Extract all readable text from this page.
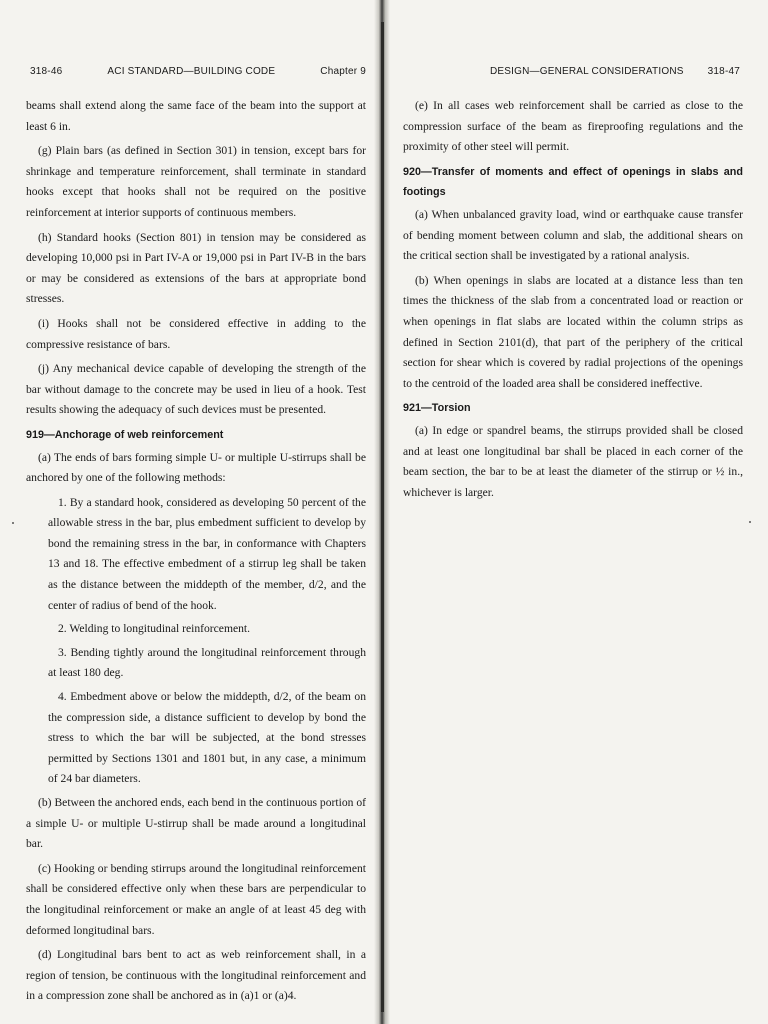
318-46	ACI STANDARD—BUILDING CODE	Chapter 9	DESIGN—GENERAL CONSIDERATIONS 318-47

beams shall extend along the same face of the beam into the support at least 6 in.

(g) Plain bars (as defined in Section 301) in tension, except bars for shrinkage and temperature reinforcement, shall terminate in standard hooks except that hooks shall not be required on the positive reinforcement at interior supports of continuous members.

(h) Standard hooks (Section 801) in tension may be considered as developing 10,000 psi in Part IV-A or 19,000 psi in Part IV-B in the bars or may be considered as extensions of the bars at appropriate bond stresses.

(i) Hooks shall not be considered effective in adding to the compressive resistance of bars.

(j) Any mechanical device capable of developing the strength of the bar without damage to the concrete may be used in lieu of a hook. Test results showing the adequacy of such devices must be presented.

919—Anchorage of web reinforcement

(a) The ends of bars forming simple U- or multiple U-stirrups shall be anchored by one of the following methods:

1. By a standard hook, considered as developing 50 percent of the allowable stress in the bar, plus embedment sufficient to develop by bond the remaining stress in the bar, in conformance with Chapters 13 and 18. The effective embedment of a stirrup leg shall be taken as the distance between the middepth of the member, d/2, and the center of radius of bend of the hook.

2. Welding to longitudinal reinforcement.

3. Bending tightly around the longitudinal reinforcement through at least 180 deg.

4. Embedment above or below the middepth, d/2, of the beam on the compression side, a distance sufficient to develop by bond the stress to which the bar will be subjected, at the bond stresses permitted by Sections 1301 and 1801 but, in any case, a minimum of 24 bar diameters.

(b) Between the anchored ends, each bend in the continuous portion of a simple U- or multiple U-stirrup shall be made around a longitudinal bar.

(c) Hooking or bending stirrups around the longitudinal reinforcement shall be considered effective only when these bars are perpendicular to the longitudinal reinforcement or make an angle of at least 45 deg with deformed longitudinal bars.

(d) Longitudinal bars bent to act as web reinforcement shall, in a region of tension, be continuous with the longitudinal reinforcement and in a compression zone shall be anchored as in (a)1 or (a)4.

(e) In all cases web reinforcement shall be carried as close to the compression surface of the beam as fireproofing regulations and the proximity of other steel will permit.

920—Transfer of moments and effect of openings in slabs and footings

(a) When unbalanced gravity load, wind or earthquake cause transfer of bending moment between column and slab, the additional shears on the critical section shall be investigated by a rational analysis.

(b) When openings in slabs are located at a distance less than ten times the thickness of the slab from a concentrated load or reaction or when openings in flat slabs are located within the column strips as defined in Section 2101(d), that part of the periphery of the critical section for shear which is covered by radial projections of the openings to the centroid of the loaded area shall be considered ineffective.

921—Torsion

(a) In edge or spandrel beams, the stirrups provided shall be closed and at least one longitudinal bar shall be placed in each corner of the beam section, the bar to be at least the diameter of the stirrup or ½ in., whichever is larger.
